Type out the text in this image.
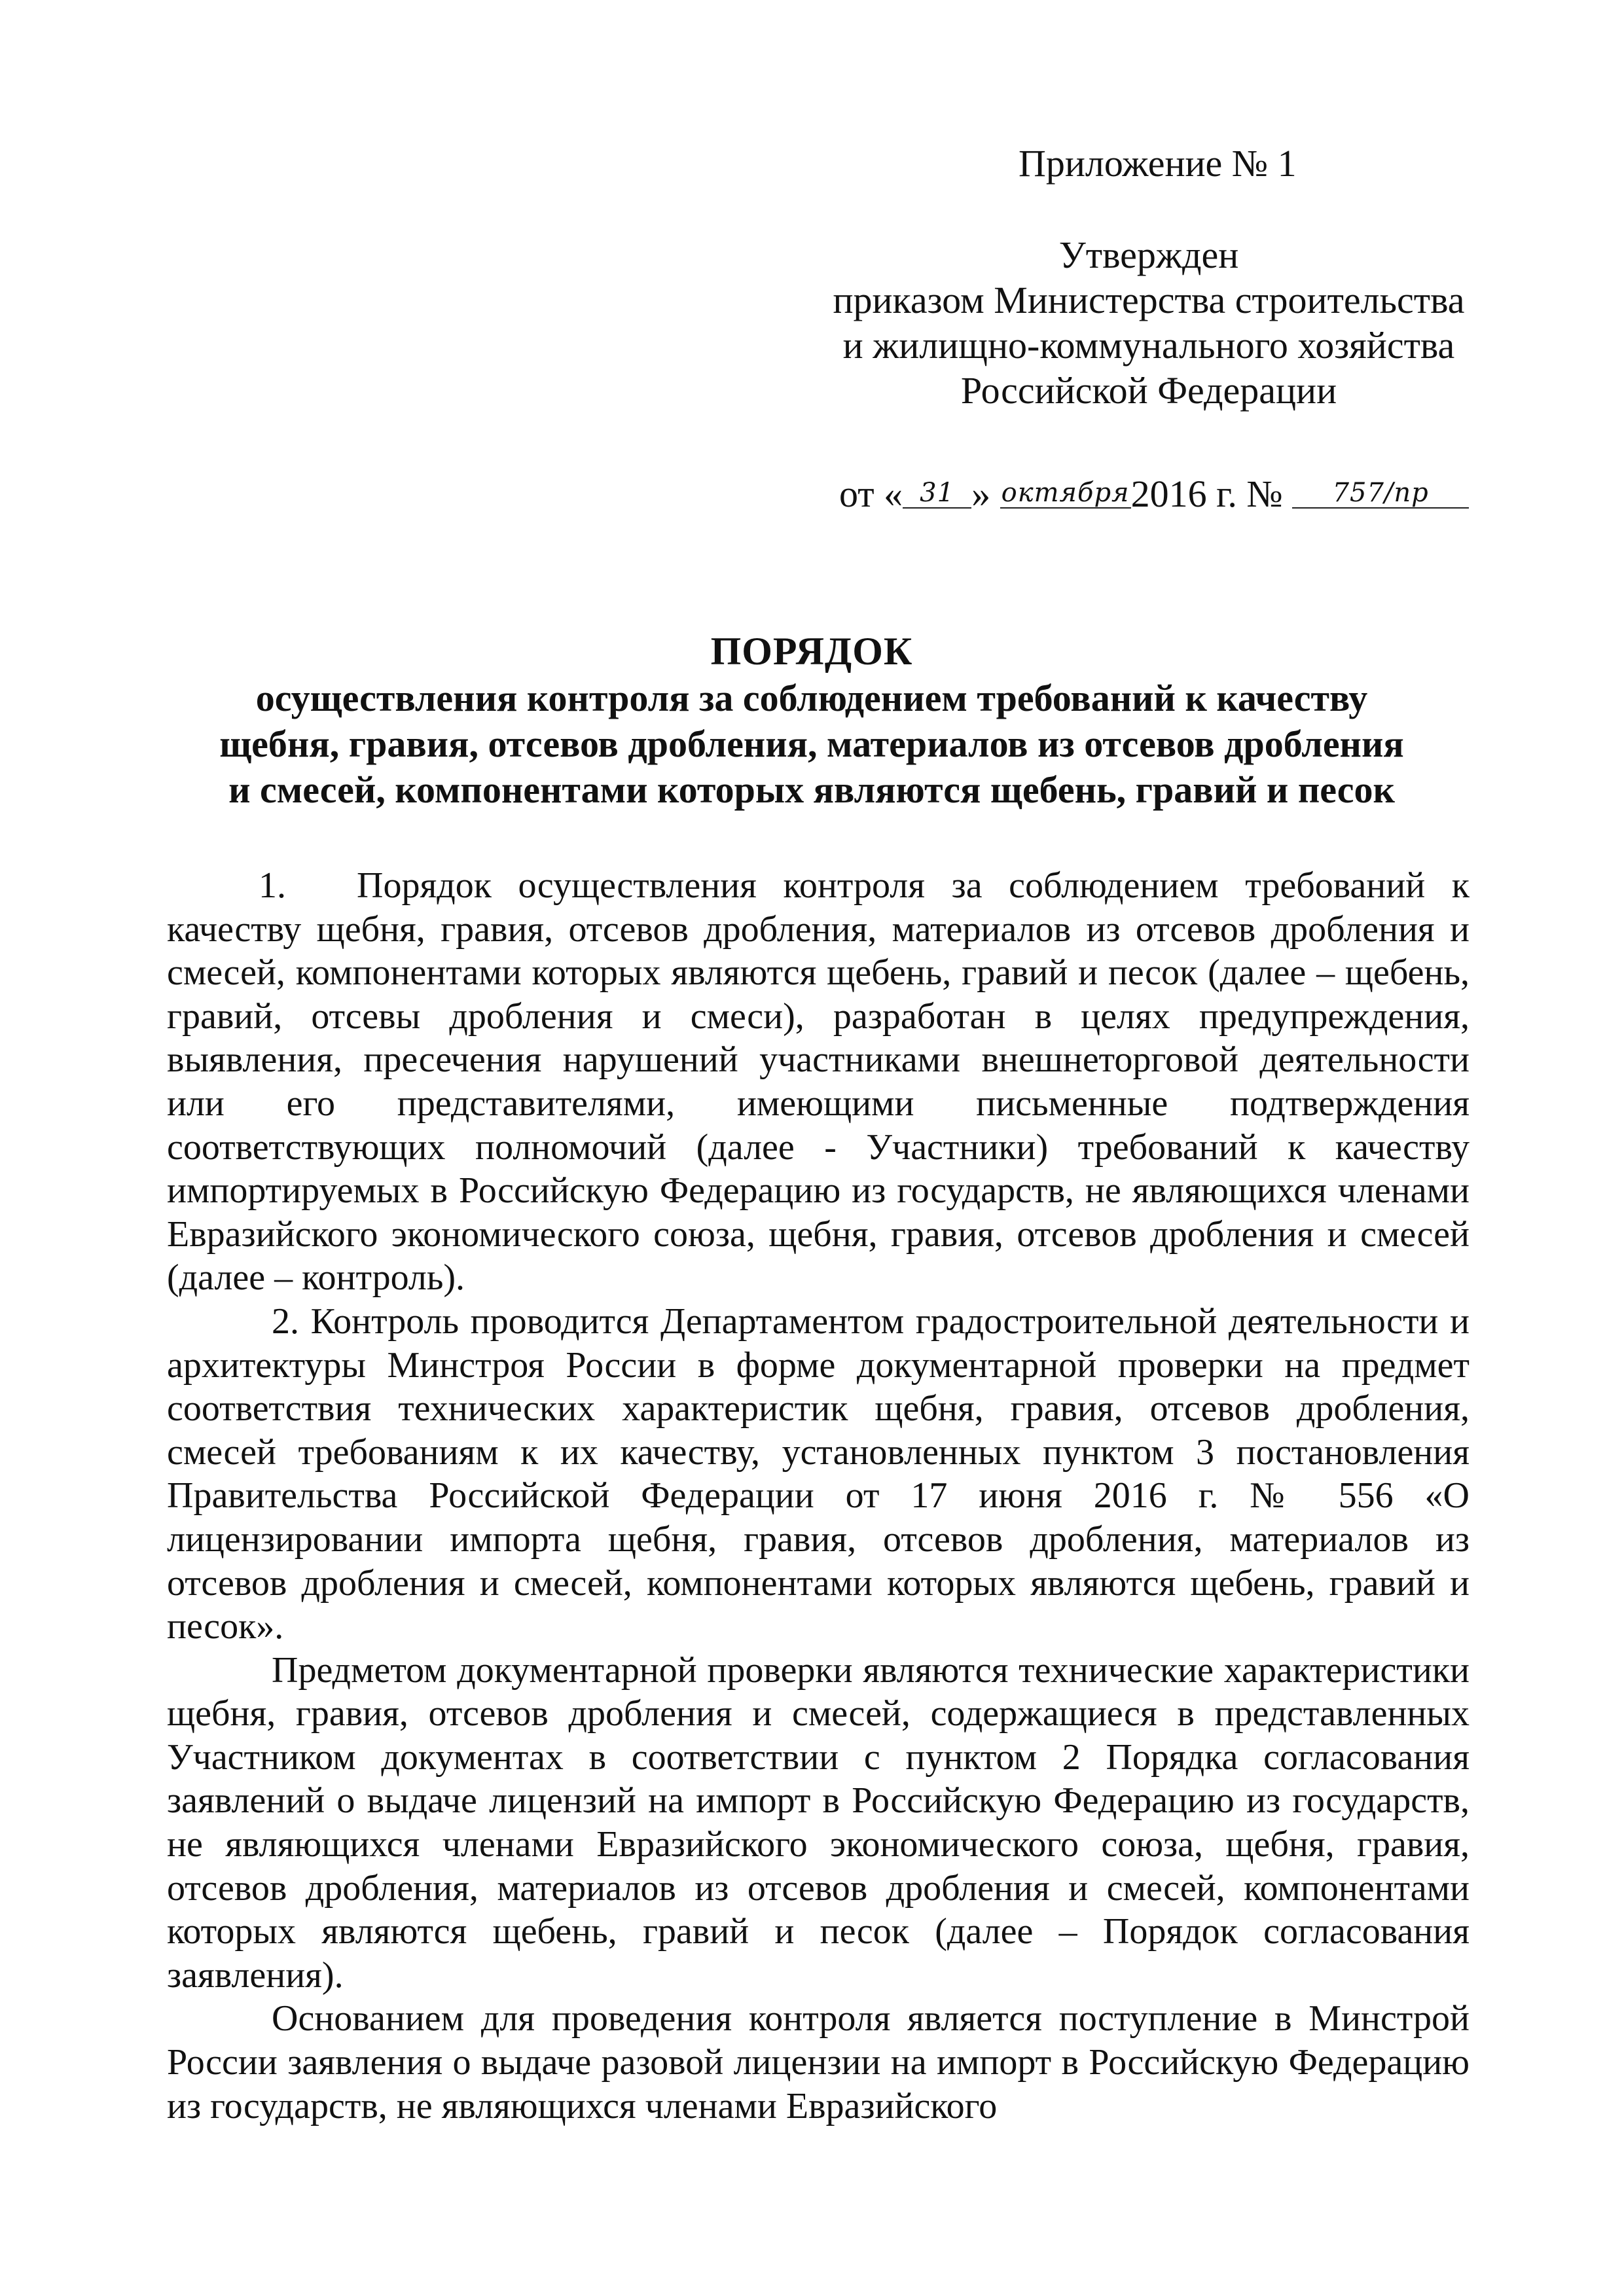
Приложение № 1
Утвержден
приказом Министерства строительства
и жилищно-коммунального хозяйства
Российской Федерации
от « 31 » октября2016 г. № 757/пр
ПОРЯДОК
осуществления контроля за соблюдением требований к качеству
щебня, гравия, отсевов дробления, материалов из отсевов дробления
и смесей, компонентами которых являются щебень, гравий и песок

1. Порядок осуществления контроля за соблюдением требований к качеству щебня, гравия, отсевов дробления, материалов из отсевов дробления и смесей, компонентами которых являются щебень, гравий и песок (далее – щебень, гравий, отсевы дробления и смеси), разработан в целях предупреждения, выявления, пресечения нарушений участниками внешнеторговой деятельности или его представителями, имеющими письменные подтверждения соответствующих полномочий (далее - Участники) требований к качеству импортируемых в Российскую Федерацию из государств, не являющихся членами Евразийского экономического союза, щебня, гравия, отсевов дробления и смесей (далее – контроль).

2. Контроль проводится Департаментом градостроительной деятельности и архитектуры Минстроя России в форме документарной проверки на предмет соответствия технических характеристик щебня, гравия, отсевов дробления, смесей требованиям к их качеству, установленных пунктом 3 постановления Правительства Российской Федерации от 17 июня 2016 г. № 556 «О лицензировании импорта щебня, гравия, отсевов дробления, материалов из отсевов дробления и смесей, компонентами которых являются щебень, гравий и песок».

Предметом документарной проверки являются технические характеристики щебня, гравия, отсевов дробления и смесей, содержащиеся в представленных Участником документах в соответствии с пунктом 2 Порядка согласования заявлений о выдаче лицензий на импорт в Российскую Федерацию из государств, не являющихся членами Евразийского экономического союза, щебня, гравия, отсевов дробления, материалов из отсевов дробления и смесей, компонентами которых являются щебень, гравий и песок (далее – Порядок согласования заявления).

Основанием для проведения контроля является поступление в Минстрой России заявления о выдаче разовой лицензии на импорт в Российскую Федерацию из государств, не являющихся членами Евразийского
